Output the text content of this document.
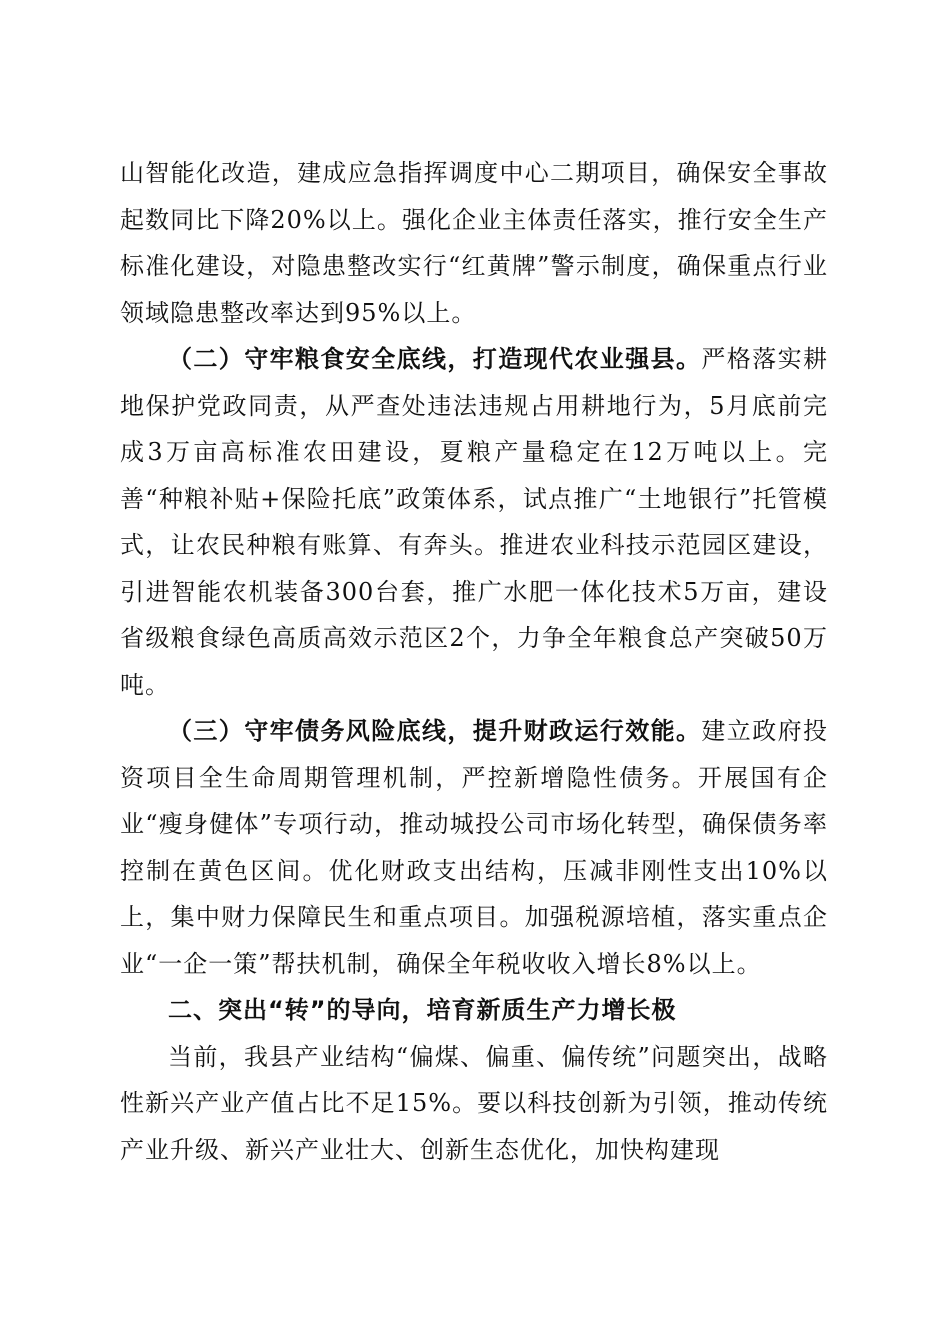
山智能化改造，建成应急指挥调度中心二期项目，确保安全事故起数同比下降20%以上。强化企业主体责任落实，推行安全生产标准化建设，对隐患整改实行“红黄牌”警示制度，确保重点行业领域隐患整改率达到95%以上。

（二）守牢粮食安全底线，打造现代农业强县。严格落实耕地保护党政同责，从严查处违法违规占用耕地行为，5月底前完成3万亩高标准农田建设，夏粮产量稳定在12万吨以上。完善“种粮补贴+保险托底”政策体系，试点推广“土地银行”托管模式，让农民种粮有账算、有奔头。推进农业科技示范园区建设，引进智能农机装备300台套，推广水肥一体化技术5万亩，建设省级粮食绿色高质高效示范区2个，力争全年粮食总产突破50万吨。

（三）守牢债务风险底线，提升财政运行效能。建立政府投资项目全生命周期管理机制，严控新增隐性债务。开展国有企业“瘦身健体”专项行动，推动城投公司市场化转型，确保债务率控制在黄色区间。优化财政支出结构，压减非刚性支出10%以上，集中财力保障民生和重点项目。加强税源培植，落实重点企业“一企一策”帮扶机制，确保全年税收收入增长8%以上。

二、突出“转”的导向，培育新质生产力增长极

当前，我县产业结构“偏煤、偏重、偏传统”问题突出，战略性新兴产业产值占比不足15%。要以科技创新为引领，推动传统产业升级、新兴产业壮大、创新生态优化，加快构建现
